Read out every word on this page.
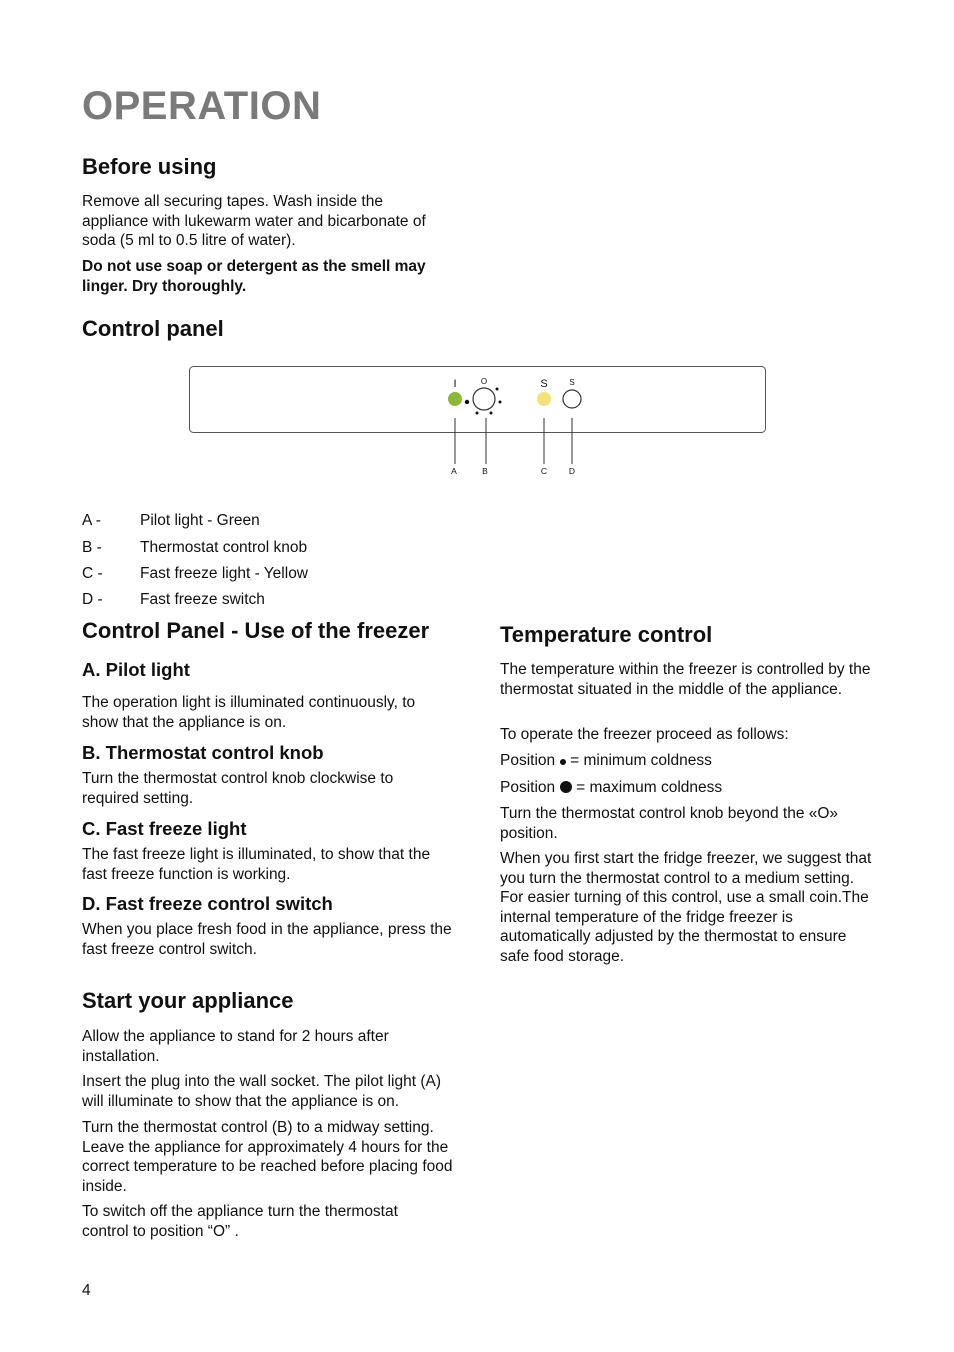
OPERATION
Before using

Remove all securing tapes. Wash inside the appliance with lukewarm water and bicarbonate of soda (5 ml to 0.5 litre of water).

Do not use soap or detergent as the smell may linger. Dry thoroughly.

Control panel
I	O	S	S
A	B	C	D
A -	Pilot light - Green
B - Thermostat control knob
C - Fast freeze light - Yellow
D - Fast freeze switch
Control Panel - Use of the freezer
A. Pilot light

The operation light is illuminated continuously, to show that the appliance is on.

B. Thermostat control knob

Turn the thermostat control knob clockwise to required setting.

C. Fast freeze light

The fast freeze light is illuminated, to show that the fast freeze function is working.

D. Fast freeze control switch

When you place fresh food in the appliance, press the fast freeze control switch.

Start your appliance

Allow the appliance to stand for 2 hours after installation.

Insert the plug into the wall socket. The pilot light (A) will illuminate to show that the appliance is on.

Turn the thermostat control (B) to a midway setting. Leave the appliance for approximately 4 hours for the correct temperature to be reached before placing food inside.

To switch off the appliance turn the thermostat control to position “O” .

Temperature control

The temperature within the freezer is controlled by the thermostat situated in the middle of the appliance.

To operate the freezer proceed as follows:

Position = minimum coldness

Position = maximum coldness

Turn the thermostat control knob beyond the «O» position.

When you first start the fridge freezer, we suggest that you turn the thermostat control to a medium setting. For easier turning of this control, use a small coin.The internal temperature of the fridge freezer is automatically adjusted by the thermostat to ensure safe food storage.

4
